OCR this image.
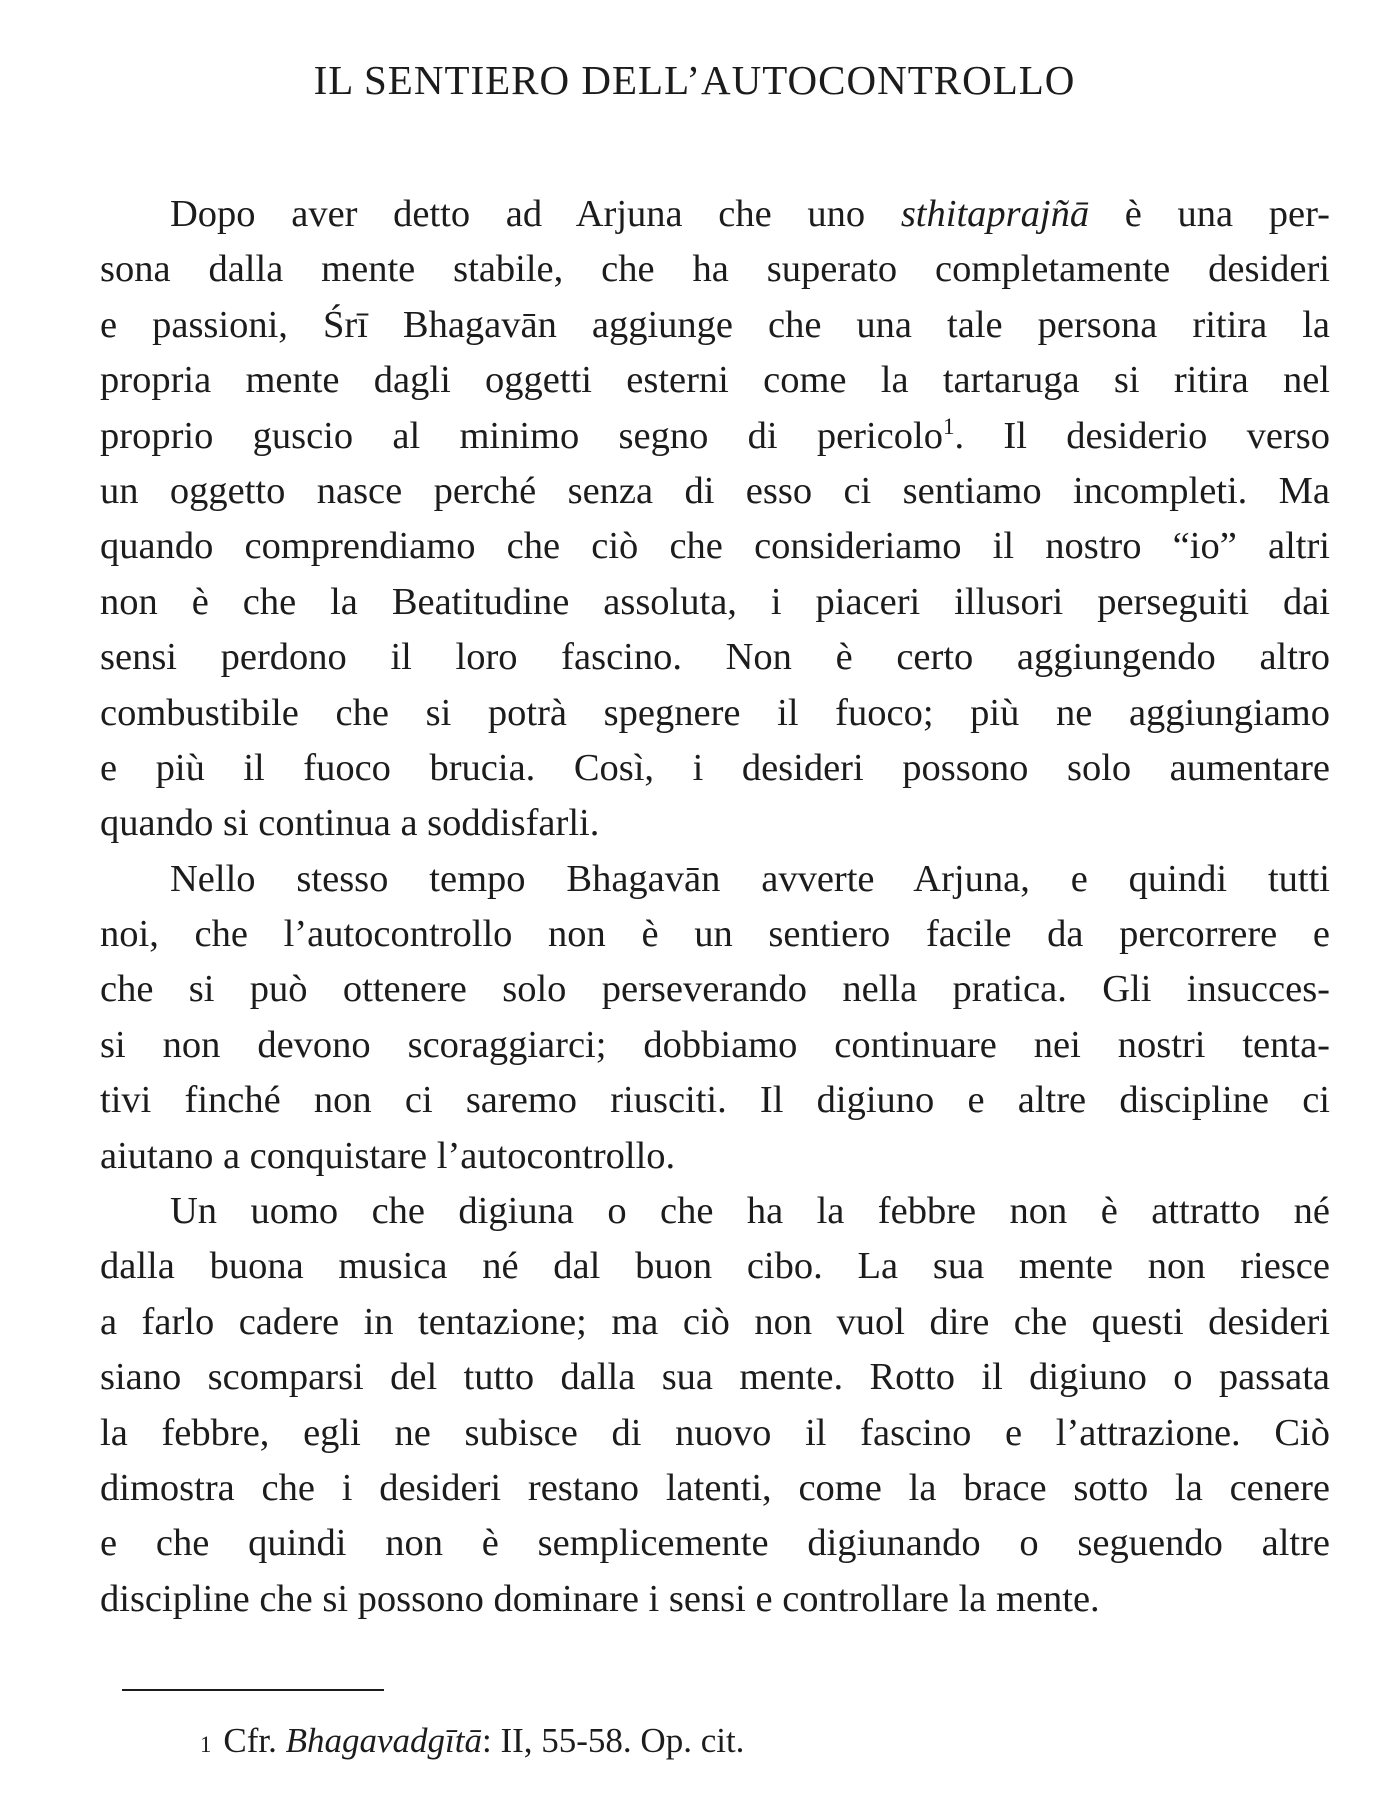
IL SENTIERO DELL’AUTOCONTROLLO
Dopo aver detto ad Arjuna che uno sthitaprajñā è una per-
sona dalla mente stabile, che ha superato completamente desideri
e passioni, Śrī Bhagavān aggiunge che una tale persona ritira la
propria mente dagli oggetti esterni come la tartaruga si ritira nel
proprio guscio al minimo segno di pericolo$^1$. Il desiderio verso
un oggetto nasce perché senza di esso ci sentiamo incompleti. Ma
quando comprendiamo che ciò che consideriamo il nostro “io” altri
non è che la Beatitudine assoluta, i piaceri illusori perseguiti dai
sensi perdono il loro fascino. Non è certo aggiungendo altro
combustibile che si potrà spegnere il fuoco; più ne aggiungiamo
e più il fuoco brucia. Così, i desideri possono solo aumentare
quando si continua a soddisfarli.
Nello stesso tempo Bhagavān avverte Arjuna, e quindi tutti
noi, che l’autocontrollo non è un sentiero facile da percorrere e
che si può ottenere solo perseverando nella pratica. Gli insucces-
si non devono scoraggiarci; dobbiamo continuare nei nostri tenta-
tivi finché non ci saremo riusciti. Il digiuno e altre discipline ci
aiutano a conquistare l’autocontrollo.
Un uomo che digiuna o che ha la febbre non è attratto né
dalla buona musica né dal buon cibo. La sua mente non riesce
a farlo cadere in tentazione; ma ciò non vuol dire che questi desideri
siano scomparsi del tutto dalla sua mente. Rotto il digiuno o passata
la febbre, egli ne subisce di nuovo il fascino e l’attrazione. Ciò
dimostra che i desideri restano latenti, come la brace sotto la cenere
e che quindi non è semplicemente digiunando o seguendo altre
discipline che si possono dominare i sensi e controllare la mente.
$^1$ Cfr. Bhagavadgītā: II, 55-58. Op. cit.
